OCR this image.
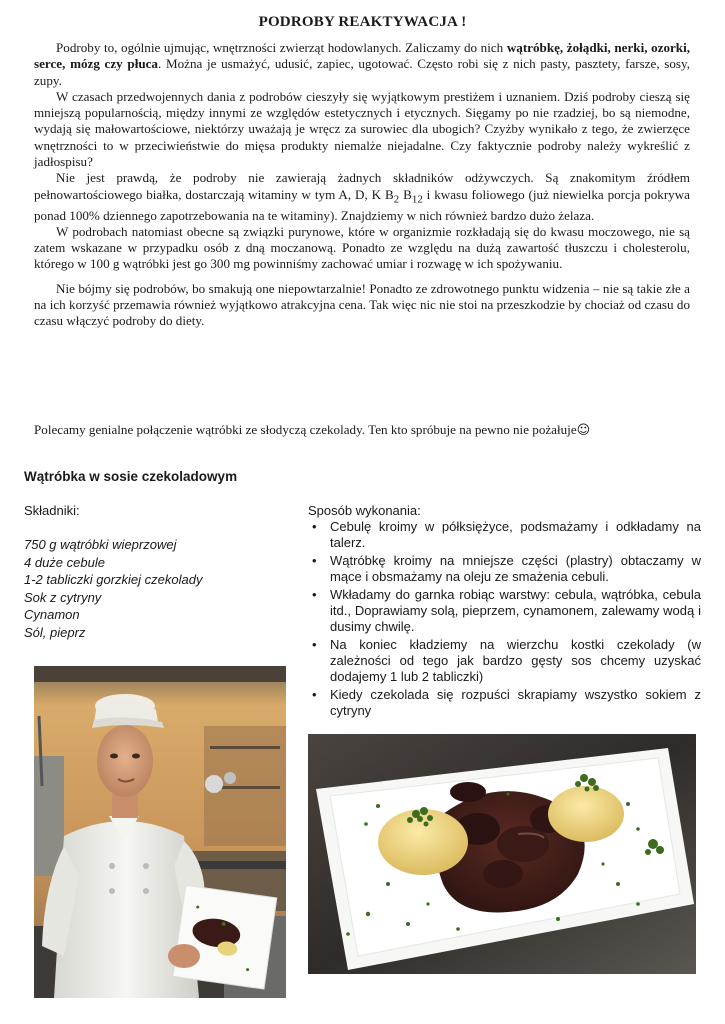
PODROBY REAKTYWACJA !

Podroby to, ogólnie ujmując, wnętrzności zwierząt hodowlanych. Zaliczamy do nich wątróbkę, żołądki, nerki, ozorki, serce, mózg czy płuca. Można je usmażyć, udusić, zapiec, ugotować. Często robi się z nich pasty, pasztety, farsze, sosy, zupy.

W czasach przedwojennych dania z podrobów cieszyły się wyjątkowym prestiżem i uznaniem. Dziś podroby cieszą się mniejszą popularnością, między innymi ze względów estetycznych i etycznych. Sięgamy po nie rzadziej, bo są niemodne, wydają się małowartościowe, niektórzy uważają je wręcz za surowiec dla ubogich? Czyżby wynikało z tego, że zwierzęce wnętrzności to w przeciwieństwie do mięsa produkty niemalże niejadalne. Czy faktycznie podroby należy wykreślić z jadłospisu?

Nie jest prawdą, że podroby nie zawierają żadnych składników odżywczych. Są znakomitym źródłem pełnowartościowego białka, dostarczają witaminy w tym A, D, K $B_2$ $B_{12}$ i kwasu foliowego (już niewielka porcja pokrywa ponad 100% dziennego zapotrzebowania na te witaminy). Znajdziemy w nich również bardzo dużo żelaza.

W podrobach natomiast obecne są związki purynowe, które w organizmie rozkładają się do kwasu moczowego, nie są zatem wskazane w przypadku osób z dną moczanową. Ponadto ze względu na dużą zawartość tłuszczu i cholesterolu, którego w 100 g wątróbki jest go 300 mg powinniśmy zachować umiar i rozwagę w ich spożywaniu.

Nie bójmy się podrobów, bo smakują one niepowtarzalnie! Ponadto ze zdrowotnego punktu widzenia – nie są takie złe a na ich korzyść przemawia również wyjątkowo atrakcyjna cena. Tak więc nic nie stoi na przeszkodzie by chociaż od czasu do czasu włączyć podroby do diety.

Polecamy genialne połączenie wątróbki ze słodyczą czekolady. Ten kto spróbuje na pewno nie pożałuje☺
Wątróbka w sosie czekoladowym
Składniki:
750 g wątróbki wieprzowej
4 duże cebule
1-2 tabliczki gorzkiej czekolady
Sok z cytryny
Cynamon
Sól, pieprz
Sposób wykonania:
• Cebulę kroimy w półksiężyce, podsmażamy i odkładamy na talerz.
• Wątróbkę kroimy na mniejsze części (plastry) obtaczamy w mące i obsmażamy na oleju ze smażenia cebuli.
• Wkładamy do garnka robiąc warstwy: cebula, wątróbka, cebula itd., Doprawiamy solą, pieprzem, cynamonem, zalewamy wodą i dusimy chwilę.
• Na koniec kładziemy na wierzchu kostki czekolady (w zależności od tego jak bardzo gęsty sos chcemy uzyskać dodajemy 1 lub 2 tabliczki)
• Kiedy czekolada się rozpuści skrapiamy wszystko sokiem z cytryny
